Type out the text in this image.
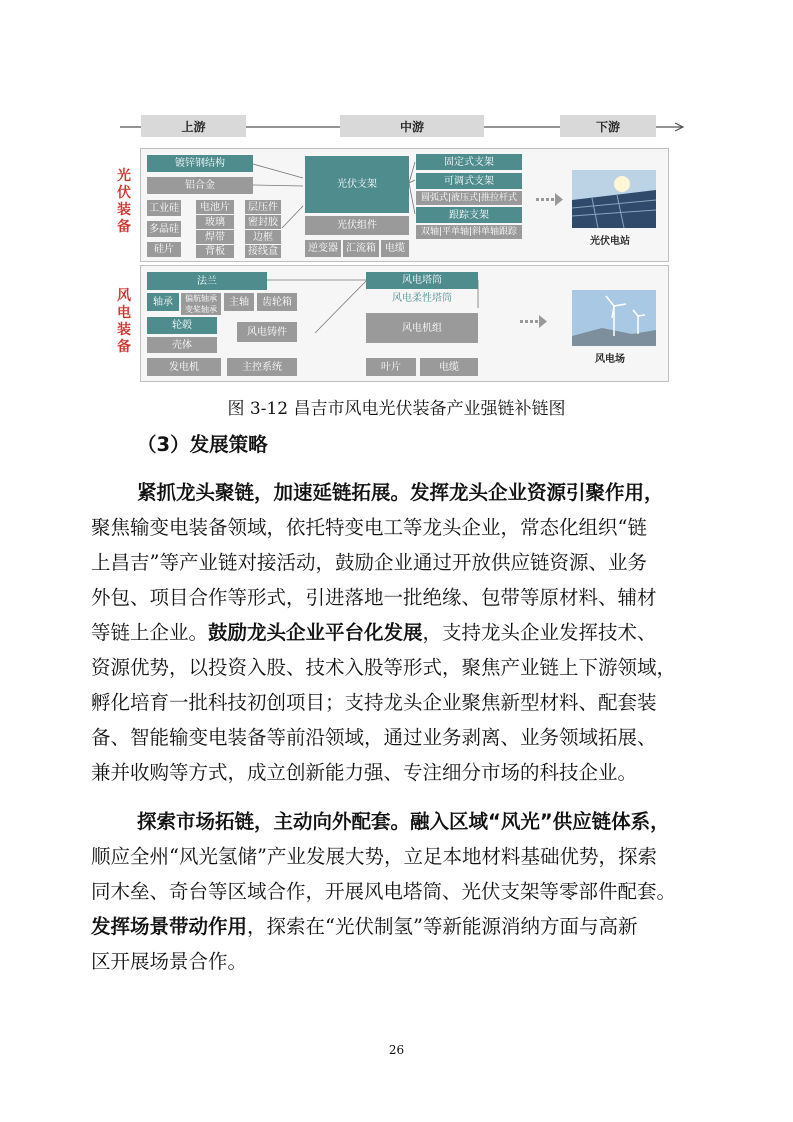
上游	中游	下游
光
伏
装
备
镀锌钢结构
铝合金
工业硅
多晶硅
硅片
电池片
玻璃
焊带
背板
层压件
密封胶
边框
接线盒
光伏支架
光伏组件
逆变器 汇流箱 电缆
固定式支架
可调式支架
圆弧式|液压式|推拉杆式
跟踪支架
双轴|平单轴|斜单轴跟踪
光伏电站
风
电
装
备
法兰
轴承	偏航轴承
变桨轴承
主轴	齿轮箱
轮毂
壳体
风电铸件
发电机	主控系统
风电塔筒
风电柔性塔筒
风电机组
叶片	电缆
风电场
图 3-12 昌吉市风电光伏装备产业强链补链图
（3）发展策略
紧抓龙头聚链，加速延链拓展。发挥龙头企业资源引聚作用，
聚焦输变电装备领域，依托特变电工等龙头企业，常态化组织“链
上昌吉”等产业链对接活动，鼓励企业通过开放供应链资源、业务
外包、项目合作等形式，引进落地一批绝缘、包带等原材料、辅材
等链上企业。鼓励龙头企业平台化发展，支持龙头企业发挥技术、
资源优势，以投资入股、技术入股等形式，聚焦产业链上下游领域，
孵化培育一批科技初创项目；支持龙头企业聚焦新型材料、配套装
备、智能输变电装备等前沿领域，通过业务剥离、业务领域拓展、
兼并收购等方式，成立创新能力强、专注细分市场的科技企业。
探索市场拓链，主动向外配套。融入区域“风光”供应链体系，
顺应全州“风光氢储”产业发展大势，立足本地材料基础优势，探索
同木垒、奇台等区域合作，开展风电塔筒、光伏支架等零部件配套。
发挥场景带动作用，探索在“光伏制氢”等新能源消纳方面与高新
区开展场景合作。
26
